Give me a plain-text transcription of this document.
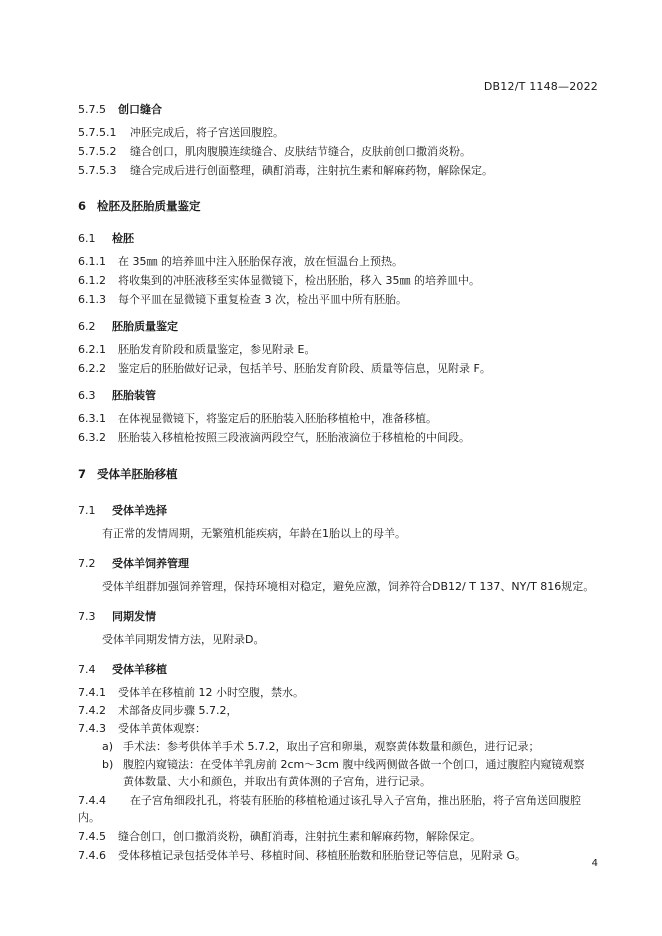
DB12/T 1148—2022
5.7.5 创口缝合
5.7.5.1 冲胚完成后，将子宫送回腹腔。
5.7.5.2 缝合创口，肌肉腹膜连续缝合、皮肤结节缝合，皮肤前创口撒消炎粉。
5.7.5.3 缝合完成后进行创面整理，碘酊消毒，注射抗生素和解麻药物，解除保定。
6 检胚及胚胎质量鉴定
6.1 检胚
6.1.1 在 35㎜ 的培养皿中注入胚胎保存液，放在恒温台上预热。
6.1.2 将收集到的冲胚液移至实体显微镜下，检出胚胎，移入 35㎜ 的培养皿中。
6.1.3 每个平皿在显微镜下重复检查 3 次，检出平皿中所有胚胎。
6.2 胚胎质量鉴定
6.2.1 胚胎发育阶段和质量鉴定，参见附录 E。
6.2.2 鉴定后的胚胎做好记录，包括羊号、胚胎发育阶段、质量等信息，见附录 F。
6.3 胚胎装管
6.3.1 在体视显微镜下，将鉴定后的胚胎装入胚胎移植枪中，准备移植。
6.3.2 胚胎装入移植枪按照三段液滴两段空气，胚胎液滴位于移植枪的中间段。
7 受体羊胚胎移植
7.1 受体羊选择
有正常的发情周期，无繁殖机能疾病，年龄在1胎以上的母羊。
7.2 受体羊饲养管理
受体羊组群加强饲养管理，保持环境相对稳定，避免应激，饲养符合DB12/ T 137、NY/T 816规定。
7.3 同期发情
受体羊同期发情方法，见附录D。
7.4 受体羊移植
7.4.1 受体羊在移植前 12 小时空腹，禁水。
7.4.2 术部备皮同步骤 5.7.2，
7.4.3 受体羊黄体观察：
a) 手术法：参考供体羊手术 5.7.2，取出子宫和卵巢，观察黄体数量和颜色，进行记录；
b) 腹腔内窥镜法：在受体羊乳房前 2cm～3cm 腹中线两侧做各做一个创口，通过腹腔内窥镜观察
黄体数量、大小和颜色，并取出有黄体测的子宫角，进行记录。
7.4.4 在子宫角细段扎孔，将装有胚胎的移植枪通过该孔导入子宫角，推出胚胎，将子宫角送回腹腔
内。
7.4.5 缝合创口，创口撒消炎粉，碘酊消毒，注射抗生素和解麻药物，解除保定。
7.4.6 受体移植记录包括受体羊号、移植时间、移植胚胎数和胚胎登记等信息，见附录 G。
4
